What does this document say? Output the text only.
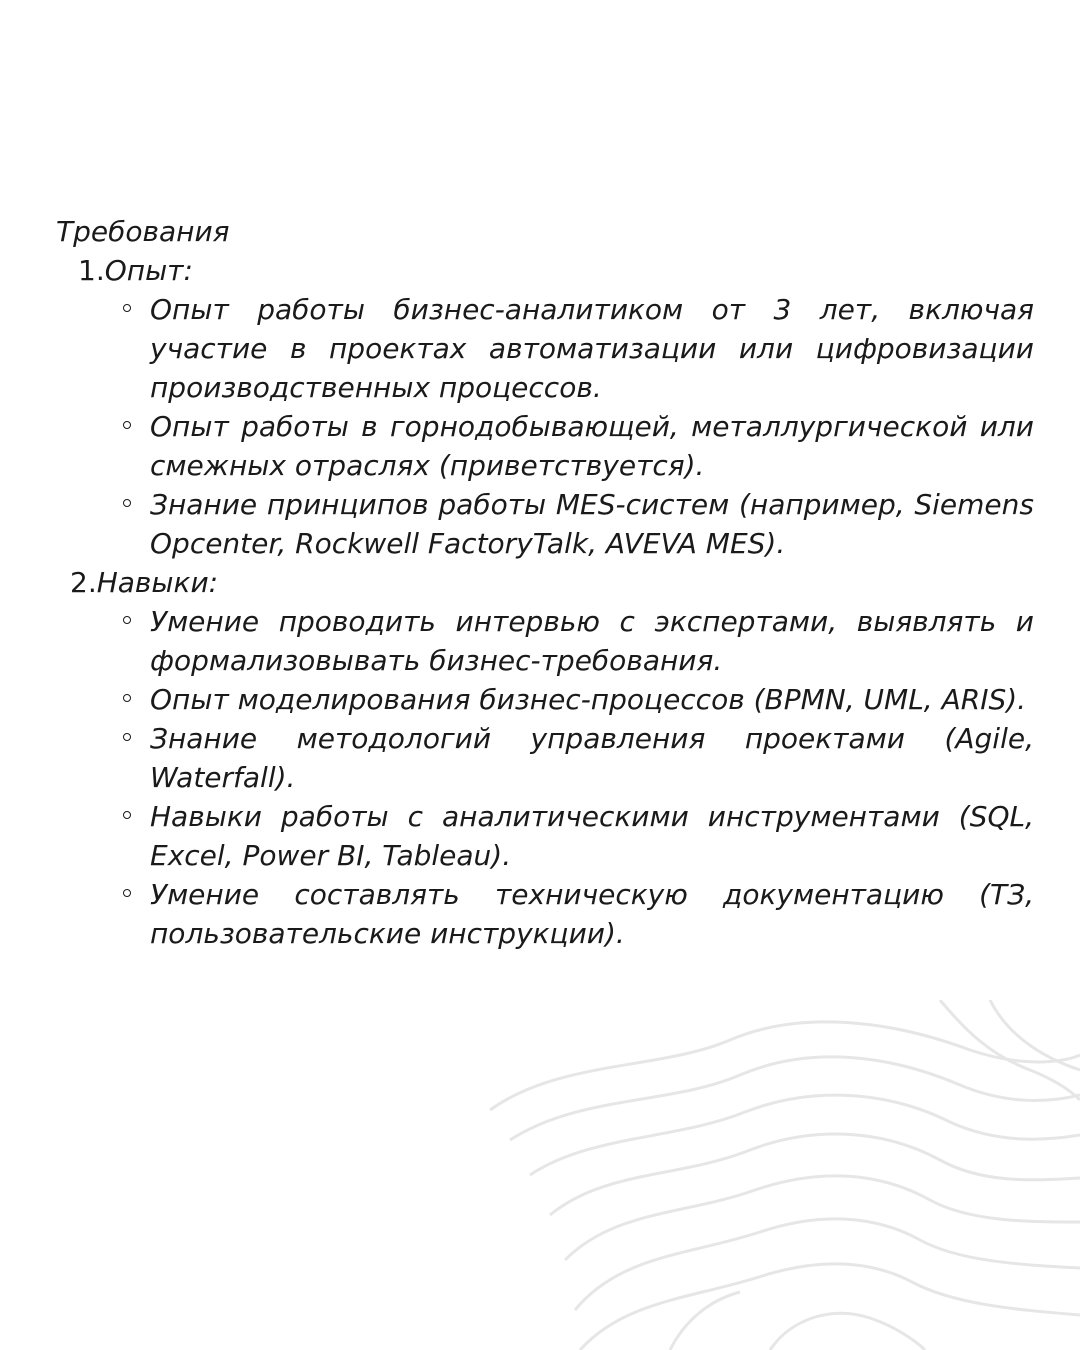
Требования

1. Опыт:
Опыт работы бизнес-аналитиком от 3 лет, включая участие в проектах автоматизации или цифровизации производственных процессов.
Опыт работы в горнодобывающей, металлургической или смежных отраслях (приветствуется).
Знание принципов работы MES-систем (например, Siemens Opcenter, Rockwell FactoryTalk, AVEVA MES).
2. Навыки:
Умение проводить интервью с экспертами, выявлять и формализовывать бизнес-требования.
Опыт моделирования бизнес-процессов (BPMN, UML, ARIS).
Знание методологий управления проектами (Agile, Waterfall).
Навыки работы с аналитическими инструментами (SQL, Excel, Power BI, Tableau).
Умение составлять техническую документацию (ТЗ, пользовательские инструкции).
